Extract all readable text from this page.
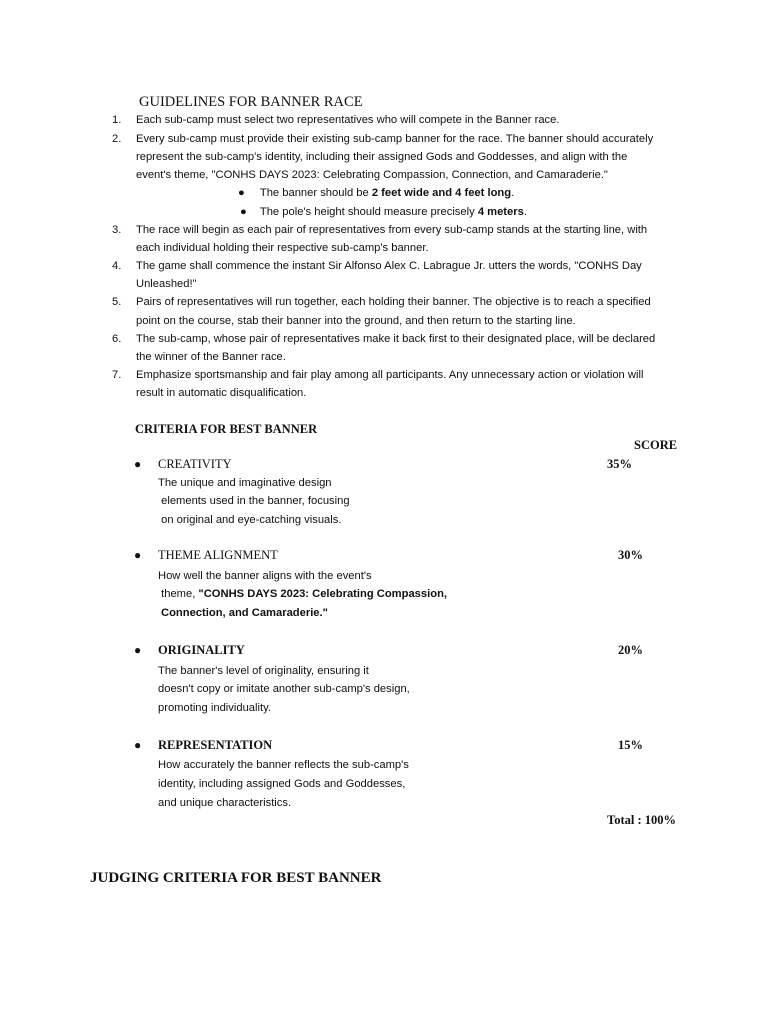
GUIDELINES FOR BANNER RACE
1.	Each sub-camp must select two representatives who will compete in the Banner race.
2.	Every sub-camp must provide their existing sub-camp banner for the race. The banner should accurately
represent the sub-camp's identity, including their assigned Gods and Goddesses, and align with the
event's theme, "CONHS DAYS 2023: Celebrating Compassion, Connection, and Camaraderie."
● The banner should be 2 feet wide and 4 feet long.
● The pole's height should measure precisely 4 meters.
3.	The race will begin as each pair of representatives from every sub-camp stands at the starting line, with
each individual holding their respective sub-camp's banner.
4.	The game shall commence the instant Sir Alfonso Alex C. Labrague Jr. utters the words, "CONHS Day
Unleashed!"
5.	Pairs of representatives will run together, each holding their banner. The objective is to reach a specified
point on the course, stab their banner into the ground, and then return to the starting line.
6.	The sub-camp, whose pair of representatives make it back first to their designated place, will be declared
the winner of the Banner race.
7.	Emphasize sportsmanship and fair play among all participants. Any unnecessary action or violation will
result in automatic disqualification.
CRITERIA FOR BEST BANNER
SCORE
● CREATIVITY	35%
The unique and imaginative design
elements used in the banner, focusing
on original and eye-catching visuals.
● THEME ALIGNMENT	30%
How well the banner aligns with the event's
theme, "CONHS DAYS 2023: Celebrating Compassion,
Connection, and Camaraderie."
● ORIGINALITY	20%
The banner's level of originality, ensuring it
doesn't copy or imitate another sub-camp's design,
promoting individuality.
● REPRESENTATION	15%
How accurately the banner reflects the sub-camp's
identity, including assigned Gods and Goddesses,
and unique characteristics.
Total : 100%
JUDGING CRITERIA FOR BEST BANNER
